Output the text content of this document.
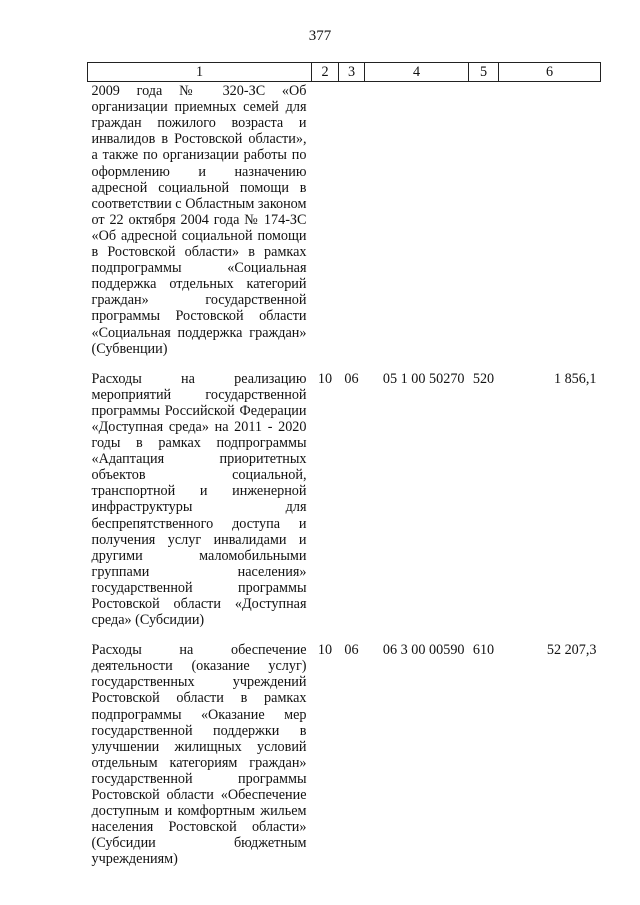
377
1	2	3	4	5	6
2009 года № 320-ЗС «Об организации приемных семей для граждан пожилого возраста и инвалидов в Ростовской области», а также по организации работы по оформлению и назначению адресной социальной помощи в соответствии с Областным законом от 22 октября 2004 года № 174-ЗС «Об адресной социальной помощи в Ростовской области» в рамках подпрограммы «Социальная поддержка отдельных категорий граждан» государственной программы Ростовской области «Социальная поддержка граждан» (Субвенции)					
Расходы на реализацию мероприятий государственной программы Российской Федерации «Доступная среда» на 2011 - 2020 годы в рамках подпрограммы «Адаптация приоритетных объектов социальной, транспортной и инженерной инфраструктуры для беспрепятственного доступа и получения услуг инвалидами и другими маломобильными группами населения» государственной программы Ростовской области «Доступная среда» (Субсидии)	10	06	05 1 00 50270	520	1 856,1
Расходы на обеспечение деятельности (оказание услуг) государственных учреждений Ростовской области в рамках подпрограммы «Оказание мер государственной поддержки в улучшении жилищных условий отдельным категориям граждан» государственной программы Ростовской области «Обеспечение доступным и комфортным жильем населения Ростовской области» (Субсидии бюджетным учреждениям)	10	06	06 3 00 00590	610	52 207,3
